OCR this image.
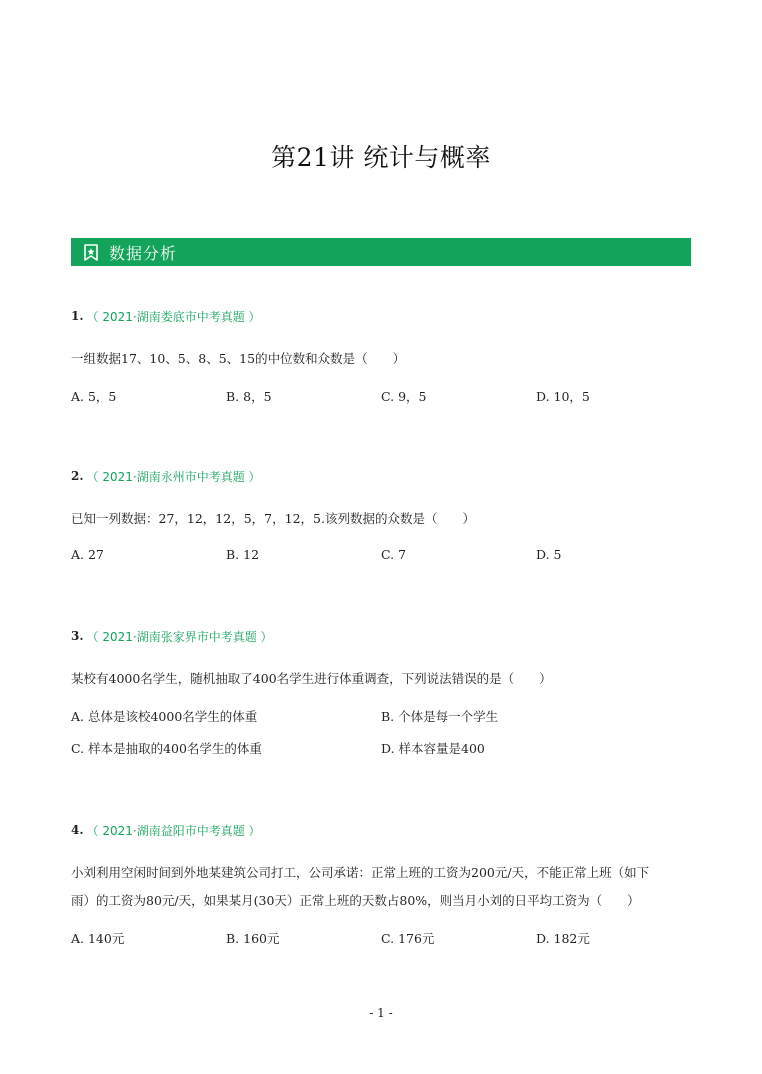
第21讲 统计与概率
数据分析
1. （ 2021·湖南娄底市中考真题 ）
一组数据17、10、5、8、5、15的中位数和众数是（　　）
A. 5，5	B. 8，5	C. 9，5	D. 10，5
2. （ 2021·湖南永州市中考真题 ）
已知一列数据：27，12，12，5，7，12，5.该列数据的众数是（　　）
A. 27	B. 12	C. 7	D. 5
3. （ 2021·湖南张家界市中考真题 ）
某校有4000名学生，随机抽取了400名学生进行体重调查，下列说法错误的是（　　）
A. 总体是该校4000名学生的体重	B. 个体是每一个学生
C. 样本是抽取的400名学生的体重	D. 样本容量是400
4. （ 2021·湖南益阳市中考真题 ）
小刘利用空闲时间到外地某建筑公司打工，公司承诺：正常上班的工资为200元/天，不能正常上班（如下
雨）的工资为80元/天，如果某月(30天）正常上班的天数占80%，则当月小刘的日平均工资为（　　）
A. 140元	B. 160元	C. 176元	D. 182元
- 1 -
